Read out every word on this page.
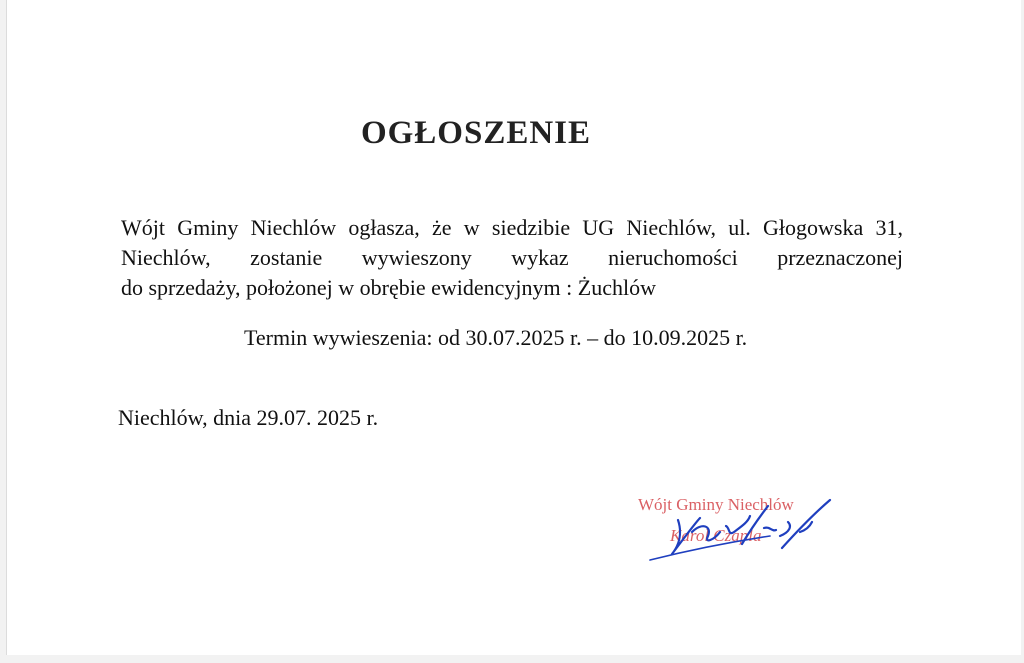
OGŁOSZENIE
Wójt Gminy Niechlów ogłasza, że w siedzibie UG Niechlów, ul. Głogowska 31,
Niechlów, zostanie wywieszony wykaz nieruchomości przeznaczonej
do sprzedaży, położonej w obrębie ewidencyjnym : Żuchlów
Termin wywieszenia: od 30.07.2025 r. – do 10.09.2025 r.
Niechlów, dnia 29.07. 2025 r.
Wójt Gminy Niechlów
Karol Czapla
